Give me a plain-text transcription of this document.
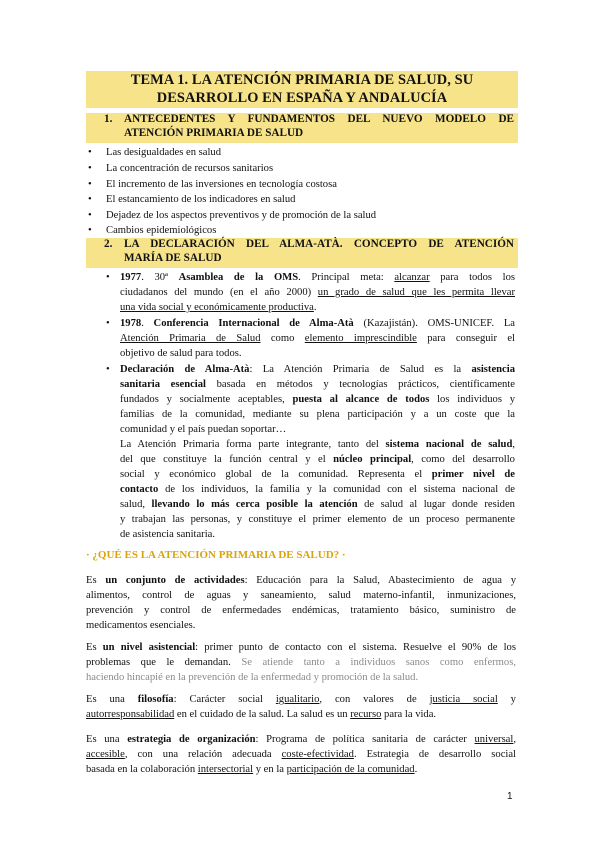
TEMA 1. LA ATENCIÓN PRIMARIA DE SALUD, SU
DESARROLLO EN ESPAÑA Y ANDALUCÍA
1. ANTECEDENTES Y FUNDAMENTOS DEL NUEVO MODELO DE
ATENCIÓN PRIMARIA DE SALUD
• Las desigualdades en salud
• La concentración de recursos sanitarios
• El incremento de las inversiones en tecnología costosa
• El estancamiento de los indicadores en salud
• Dejadez de los aspectos preventivos y de promoción de la salud
• Cambios epidemiológicos
2. LA DECLARACIÓN DEL ALMA-ATÀ. CONCEPTO DE ATENCIÓN
MARÍA DE SALUD
•
1977. 30ª Asamblea de la OMS. Principal meta: alcanzar para todos los
ciudadanos del mundo (en el año 2000) un grado de salud que les permita llevar
una vida social y económicamente productiva.
•
1978. Conferencia Internacional de Alma-Atà (Kazajistán). OMS-UNICEF. La
Atención Primaria de Salud como elemento imprescindible para conseguir el
objetivo de salud para todos.
•
Declaración de Alma-Atà: La Atención Primaria de Salud es la asistencia
sanitaria esencial basada en métodos y tecnologías prácticos, científicamente
fundados y socialmente aceptables, puesta al alcance de todos los individuos y
familias de la comunidad, mediante su plena participación y a un coste que la
comunidad y el país puedan soportar…
La Atención Primaria forma parte integrante, tanto del sistema nacional de salud,
del que constituye la función central y el núcleo principal, como del desarrollo
social y económico global de la comunidad. Representa el primer nivel de
contacto de los individuos, la familia y la comunidad con el sistema nacional de
salud, llevando lo más cerca posible la atención de salud al lugar donde residen
y trabajan las personas, y constituye el primer elemento de un proceso permanente
de asistencia sanitaria.
· ¿QUÉ ES LA ATENCIÓN PRIMARIA DE SALUD? ·
Es un conjunto de actividades: Educación para la Salud, Abastecimiento de agua y
alimentos, control de aguas y saneamiento, salud materno-infantil, inmunizaciones,
prevención y control de enfermedades endémicas, tratamiento básico, suministro de
medicamentos esenciales.
Es un nivel asistencial: primer punto de contacto con el sistema. Resuelve el 90% de los
problemas que le demandan. Se atiende tanto a individuos sanos como enfermos,
haciendo hincapié en la prevención de la enfermedad y promoción de la salud.
Es una filosofía: Carácter social igualitario, con valores de justicia social y
autorresponsabilidad en el cuidado de la salud. La salud es un recurso para la vida.
Es una estrategia de organización: Programa de política sanitaria de carácter universal,
accesible, con una relación adecuada coste-efectividad. Estrategia de desarrollo social
basada en la colaboración intersectorial y en la participación de la comunidad.
1
